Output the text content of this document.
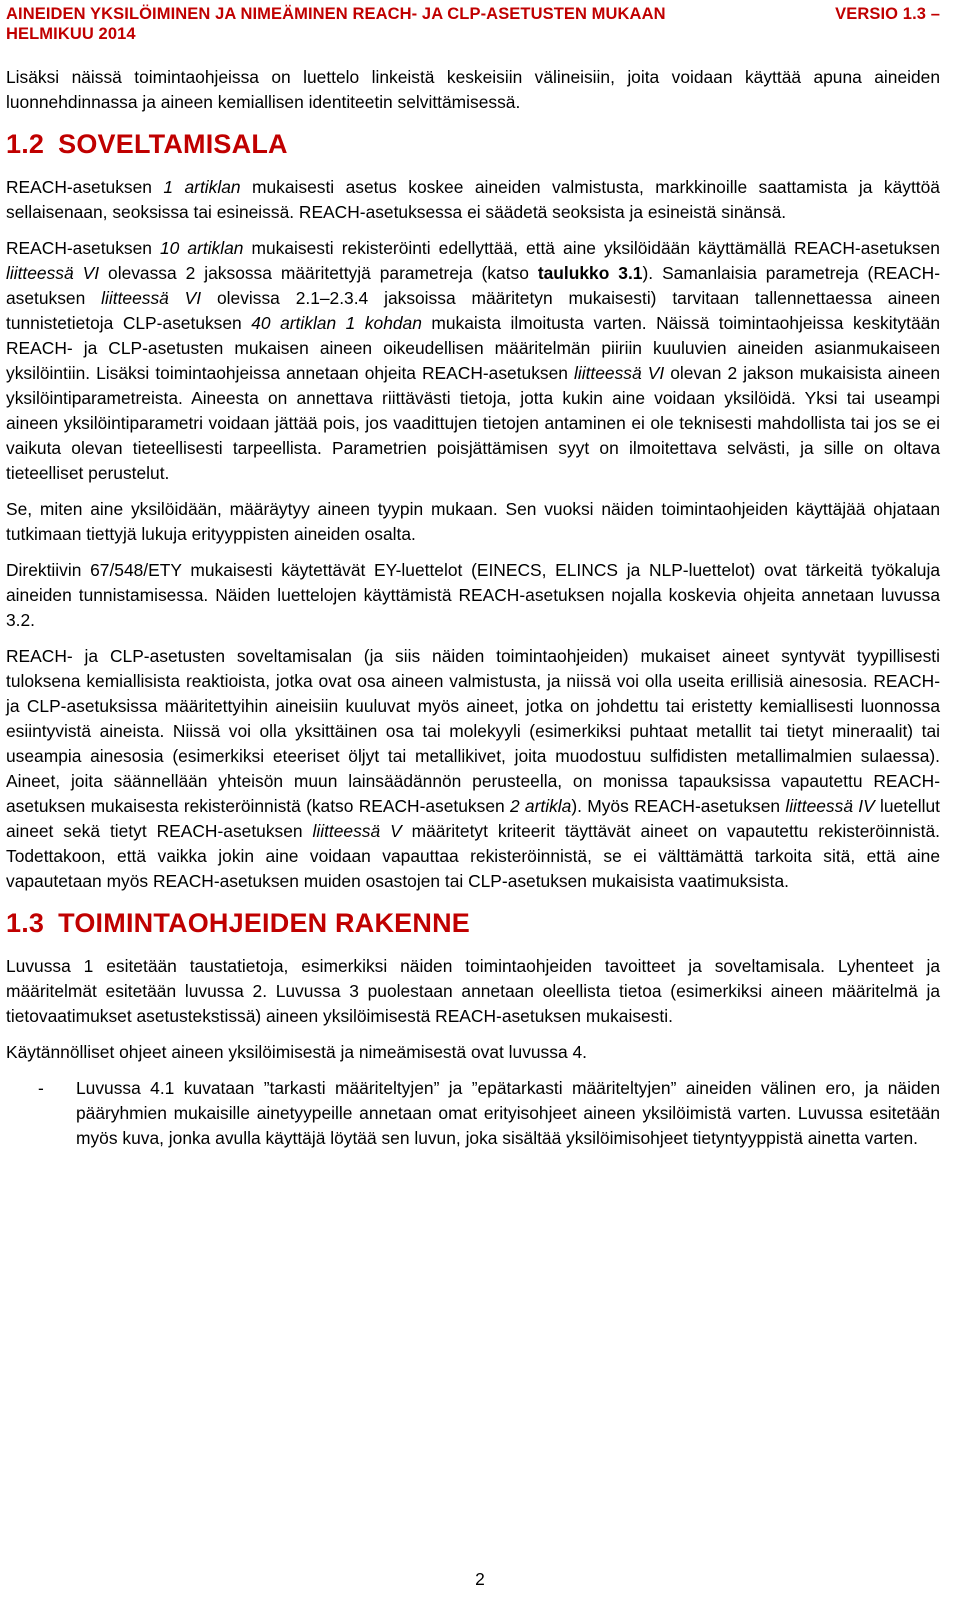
AINEIDEN YKSILÖIMINEN JA NIMEÄMINEN REACH- JA CLP-ASETUSTEN MUKAAN	VERSIO 1.3 –
HELMIKUU 2014

Lisäksi näissä toimintaohjeissa on luettelo linkeistä keskeisiin välineisiin, joita voidaan käyttää apuna aineiden luonnehdinnassa ja aineen kemiallisen identiteetin selvittämisessä.

1.2 SOVELTAMISALA

REACH-asetuksen 1 artiklan mukaisesti asetus koskee aineiden valmistusta, markkinoille saattamista ja käyttöä sellaisenaan, seoksissa tai esineissä. REACH-asetuksessa ei säädetä seoksista ja esineistä sinänsä.

REACH-asetuksen 10 artiklan mukaisesti rekisteröinti edellyttää, että aine yksilöidään käyttämällä REACH-asetuksen liitteessä VI olevassa 2 jaksossa määritettyjä parametreja (katso taulukko 3.1). Samanlaisia parametreja (REACH-asetuksen liitteessä VI olevissa 2.1–2.3.4 jaksoissa määritetyn mukaisesti) tarvitaan tallennettaessa aineen tunnistetietoja CLP-asetuksen 40 artiklan 1 kohdan mukaista ilmoitusta varten. Näissä toimintaohjeissa keskitytään REACH- ja CLP-asetusten mukaisen aineen oikeudellisen määritelmän piiriin kuuluvien aineiden asianmukaiseen yksilöintiin. Lisäksi toimintaohjeissa annetaan ohjeita REACH-asetuksen liitteessä VI olevan 2 jakson mukaisista aineen yksilöintiparametreista. Aineesta on annettava riittävästi tietoja, jotta kukin aine voidaan yksilöidä. Yksi tai useampi aineen yksilöintiparametri voidaan jättää pois, jos vaadittujen tietojen antaminen ei ole teknisesti mahdollista tai jos se ei vaikuta olevan tieteellisesti tarpeellista. Parametrien poisjättämisen syyt on ilmoitettava selvästi, ja sille on oltava tieteelliset perustelut.

Se, miten aine yksilöidään, määräytyy aineen tyypin mukaan. Sen vuoksi näiden toimintaohjeiden käyttäjää ohjataan tutkimaan tiettyjä lukuja erityyppisten aineiden osalta.

Direktiivin 67/548/ETY mukaisesti käytettävät EY-luettelot (EINECS, ELINCS ja NLP-luettelot) ovat tärkeitä työkaluja aineiden tunnistamisessa. Näiden luettelojen käyttämistä REACH-asetuksen nojalla koskevia ohjeita annetaan luvussa 3.2.

REACH- ja CLP-asetusten soveltamisalan (ja siis näiden toimintaohjeiden) mukaiset aineet syntyvät tyypillisesti tuloksena kemiallisista reaktioista, jotka ovat osa aineen valmistusta, ja niissä voi olla useita erillisiä ainesosia. REACH- ja CLP-asetuksissa määritettyihin aineisiin kuuluvat myös aineet, jotka on johdettu tai eristetty kemiallisesti luonnossa esiintyvistä aineista. Niissä voi olla yksittäinen osa tai molekyyli (esimerkiksi puhtaat metallit tai tietyt mineraalit) tai useampia ainesosia (esimerkiksi eteeriset öljyt tai metallikivet, joita muodostuu sulfidisten metallimalmien sulaessa). Aineet, joita säännellään yhteisön muun lainsäädännön perusteella, on monissa tapauksissa vapautettu REACH-asetuksen mukaisesta rekisteröinnistä (katso REACH-asetuksen 2 artikla). Myös REACH-asetuksen liitteessä IV luetellut aineet sekä tietyt REACH-asetuksen liitteessä V määritetyt kriteerit täyttävät aineet on vapautettu rekisteröinnistä. Todettakoon, että vaikka jokin aine voidaan vapauttaa rekisteröinnistä, se ei välttämättä tarkoita sitä, että aine vapautetaan myös REACH-asetuksen muiden osastojen tai CLP-asetuksen mukaisista vaatimuksista.

1.3 TOIMINTAOHJEIDEN RAKENNE

Luvussa 1 esitetään taustatietoja, esimerkiksi näiden toimintaohjeiden tavoitteet ja soveltamisala. Lyhenteet ja määritelmät esitetään luvussa 2. Luvussa 3 puolestaan annetaan oleellista tietoa (esimerkiksi aineen määritelmä ja tietovaatimukset asetustekstissä) aineen yksilöimisestä REACH-asetuksen mukaisesti.

Käytännölliset ohjeet aineen yksilöimisestä ja nimeämisestä ovat luvussa 4.

-	Luvussa 4.1 kuvataan ”tarkasti määriteltyjen” ja ”epätarkasti määriteltyjen” aineiden välinen ero, ja näiden pääryhmien mukaisille ainetyypeille annetaan omat erityisohjeet aineen yksilöimistä varten. Luvussa esitetään myös kuva, jonka avulla käyttäjä löytää sen luvun, joka sisältää yksilöimisohjeet tietyntyyppistä ainetta varten.
2
